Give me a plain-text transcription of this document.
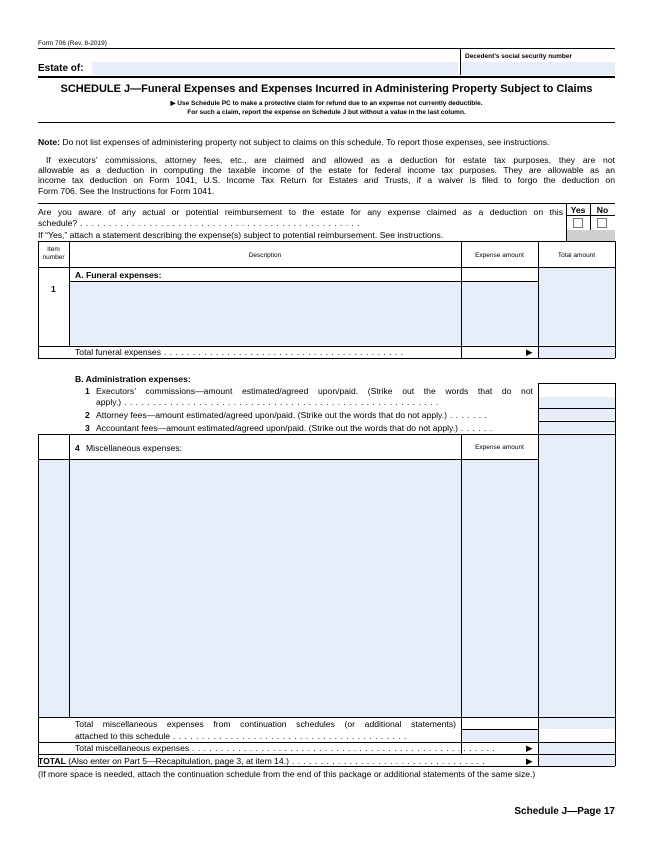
Form 706 (Rev. 8-2019)
Decedent’s social security number
Estate of:
SCHEDULE J—Funeral Expenses and Expenses Incurred in Administering Property Subject to Claims
▶ Use Schedule PC to make a protective claim for refund due to an expense not currently deductible.
For such a claim, report the expense on Schedule J but without a value in the last column.
Note: Do not list expenses of administering property not subject to claims on this schedule. To report those expenses, see instructions.
If executors’ commissions, attorney fees, etc., are claimed and allowed as a deduction for estate tax purposes, they are not
allowable as a deduction in computing the taxable income of the estate for federal income tax purposes. They are allowable as an
income tax deduction on Form 1041, U.S. Income Tax Return for Estates and Trusts, if a waiver is filed to forgo the deduction on
Form 706. See the Instructions for Form 1041.
Are you aware of any actual or potential reimbursement to the estate for any expense claimed as a deduction on this
schedule? . . . . . . . . . . . . . . . . . . . . . . . . . . . . . . . . . . . . . . . . . . . . . . . . .
If “Yes,” attach a statement describing the expense(s) subject to potential reimbursement. See instructions.
Yes	No
Item number	Description	Expense amount	Total amount
A. Funeral expenses:
1
Total funeral expenses . . . . . . . . . . . . . . . . . . . . . . . . . . . . . . . . . . . . . . . . . .	▶
B. Administration expenses:
1 Executors’ commissions—amount estimated/agreed upon/paid. (Strike out the words that do not
apply.) . . . . . . . . . . . . . . . . . . . . . . . . . . . . . . . . . . . . . . . . . . . . . . . . . . . . . . .
2 Attorney fees—amount estimated/agreed upon/paid. (Strike out the words that do not apply.) . . . . . . .
3 Accountant fees—amount estimated/agreed upon/paid. (Strike out the words that do not apply.) . . . . . .
4 Miscellaneous expenses:	Expense amount
Total miscellaneous expenses from continuation schedules (or additional statements)
attached to this schedule . . . . . . . . . . . . . . . . . . . . . . . . . . . . . . . . . . . . . . . . .
Total miscellaneous expenses . . . . . . . . . . . . . . . . . . . . . . . . . . . . . . . . . . . . . . . . . . . . . . . . . . . . .	▶
TOTAL (Also enter on Part 5—Recapitulation, page 3, at item 14.) . . . . . . . . . . . . . . . . . . . . . . . . . . . . . . . . . .	▶
(If more space is needed, attach the continuation schedule from the end of this package or additional statements of the same size.)
Schedule J—Page 17
